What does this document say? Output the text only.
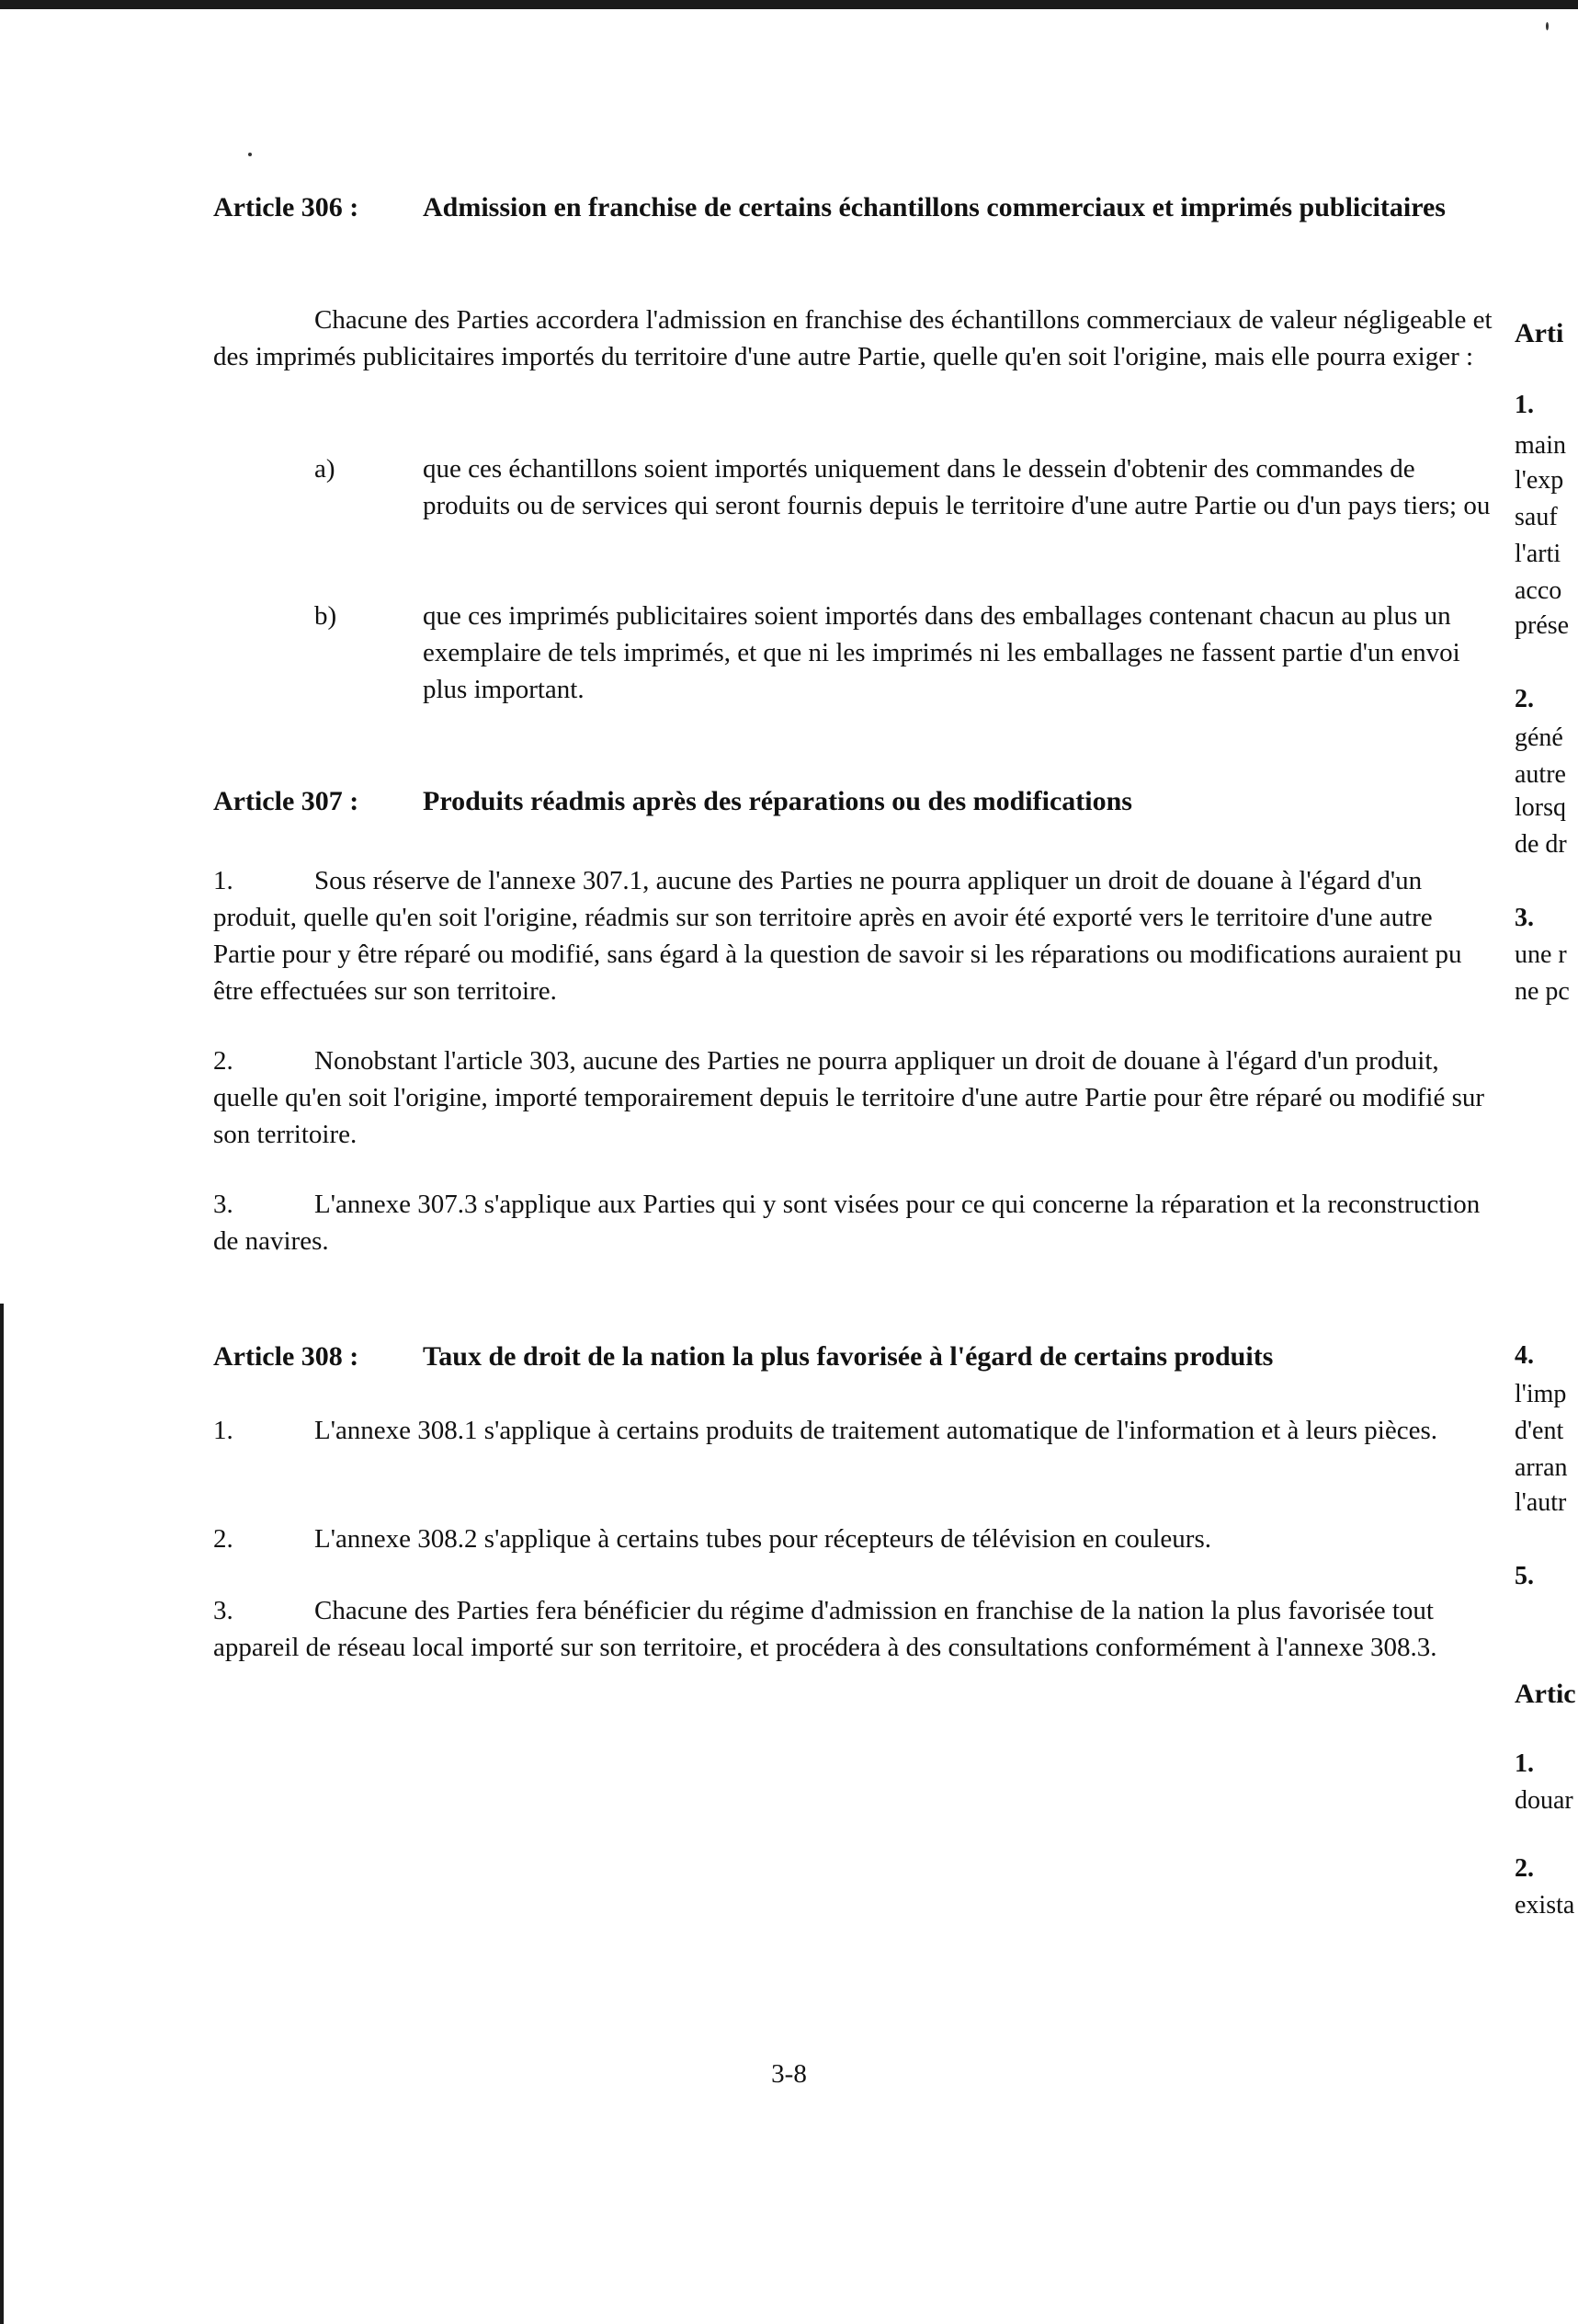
Article 306 : Admission en franchise de certains échantillons commerciaux et imprimés publicitaires
Chacune des Parties accordera l'admission en franchise des échantillons commerciaux de valeur négligeable et des imprimés publicitaires importés du territoire d'une autre Partie, quelle qu'en soit l'origine, mais elle pourra exiger :
a)	que ces échantillons soient importés uniquement dans le dessein d'obtenir des commandes de produits ou de services qui seront fournis depuis le territoire d'une autre Partie ou d'un pays tiers; ou
b)	que ces imprimés publicitaires soient importés dans des emballages contenant chacun au plus un exemplaire de tels imprimés, et que ni les imprimés ni les emballages ne fassent partie d'un envoi plus important.
Article 307 : Produits réadmis après des réparations ou des modifications
1.	Sous réserve de l'annexe 307.1, aucune des Parties ne pourra appliquer un droit de douane à l'égard d'un produit, quelle qu'en soit l'origine, réadmis sur son territoire après en avoir été exporté vers le territoire d'une autre Partie pour y être réparé ou modifié, sans égard à la question de savoir si les réparations ou modifications auraient pu être effectuées sur son territoire.
2.	Nonobstant l'article 303, aucune des Parties ne pourra appliquer un droit de douane à l'égard d'un produit, quelle qu'en soit l'origine, importé temporairement depuis le territoire d'une autre Partie pour être réparé ou modifié sur son territoire.
3.	L'annexe 307.3 s'applique aux Parties qui y sont visées pour ce qui concerne la réparation et la reconstruction de navires.
Article 308 : Taux de droit de la nation la plus favorisée à l'égard de certains produits
1.	L'annexe 308.1 s'applique à certains produits de traitement automatique de l'information et à leurs pièces.
2.	L'annexe 308.2 s'applique à certains tubes pour récepteurs de télévision en couleurs.
3.	Chacune des Parties fera bénéficier du régime d'admission en franchise de la nation la plus favorisée tout appareil de réseau local importé sur son territoire, et procédera à des consultations conformément à l'annexe 308.3.
3-8
Arti
1.
main
l'exp
sauf
l'arti
acco
prése
2.
géné
autre
lorsq
de dr
3.
une r
ne pc
4.
l'imp
d'ent
arran
l'autr
5.
Artic
1.
douar
2.
exista
